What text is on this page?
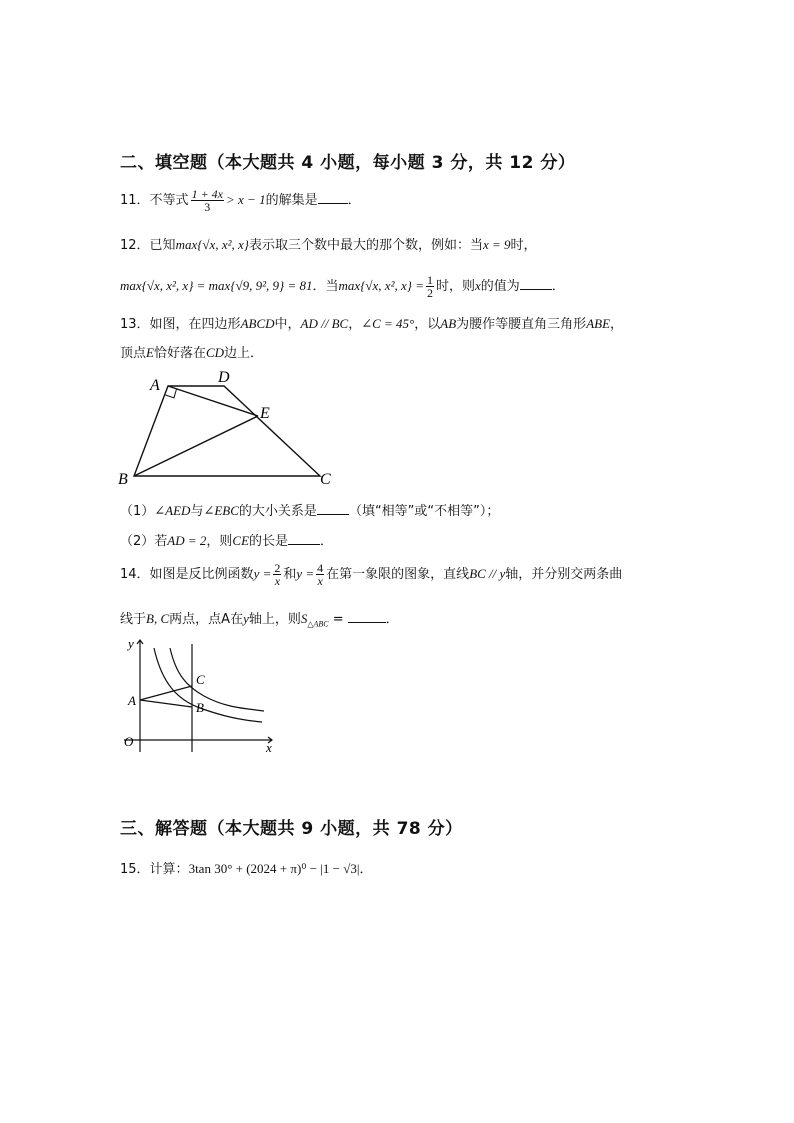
二、填空题（本大题共 4 小题，每小题 3 分，共 12 分）
11．不等式 $\frac{1 + 4x}{3} > x - 1$的解集是 ．
12．已知max{√x, x², x}表示取三个数中最大的那个数，例如：当x = 9时，
max{√x, x², x} = max{√9, 9², 9} = 81．当max{√x, x², $x\} = \frac{1}{2}$ 时，则x的值为 ．
13．如图，在四边形ABCD中，AD // BC，∠C = 45°，以AB为腰作等腰直角三角形ABE，
顶点E恰好落在CD边上．
A	D
E
B	C
（1）∠AED与∠EBC的大小关系是 （填“相等”或“不相等”）；
（2）若AD = 2，则CE的长是 ．
14．如图是反比例函数$y = \frac{2}{x}$ 和$y = \frac{4}{x}$ 在第一象限的图象，直线BC // y轴，并分别交两条曲
线于B, C两点，点A在y轴上，则$S_{\triangle ABC}$ =	．
y
x
O
A	B
C
三、解答题（本大题共 9 小题，共 78 分）
15．计算：3tan 30° + (2024 + π)⁰ − |1 − √3|．
